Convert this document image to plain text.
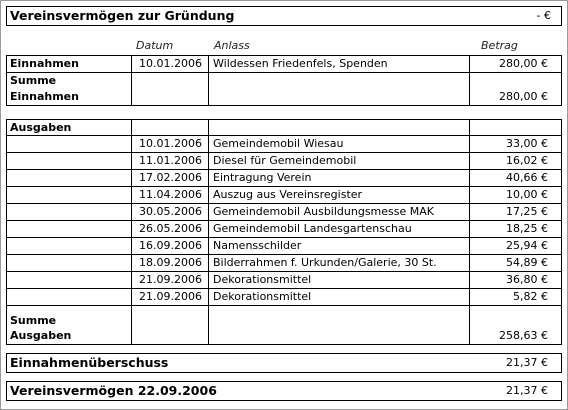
Vereinsvermögen zur Gründung	- €
Datum	Anlass	Betrag
Einnahmen	10.01.2006 Wildessen Friedenfels, Spenden	280,00 €
Summe
Einnahmen	280,00 €
Ausgaben
10.01.2006 Gemeindemobil Wiesau	33,00 €
11.01.2006 Diesel für Gemeindemobil	16,02 €
17.02.2006 Eintragung Verein	40,66 €
11.04.2006 Auszug aus Vereinsregister	10,00 €
30.05.2006 Gemeindemobil Ausbildungsmesse MAK	17,25 €
26.05.2006 Gemeindemobil Landesgartenschau	18,25 €
16.09.2006 Namensschilder	25,94 €
18.09.2006 Bilderrahmen f. Urkunden/Galerie, 30 St.	54,89 €
21.09.2006 Dekorationsmittel	36,80 €
21.09.2006 Dekorationsmittel	5,82 €
Summe
Ausgaben	258,63 €
Einnahmenüberschuss	21,37 €
Vereinsvermögen 22.09.2006	21,37 €
